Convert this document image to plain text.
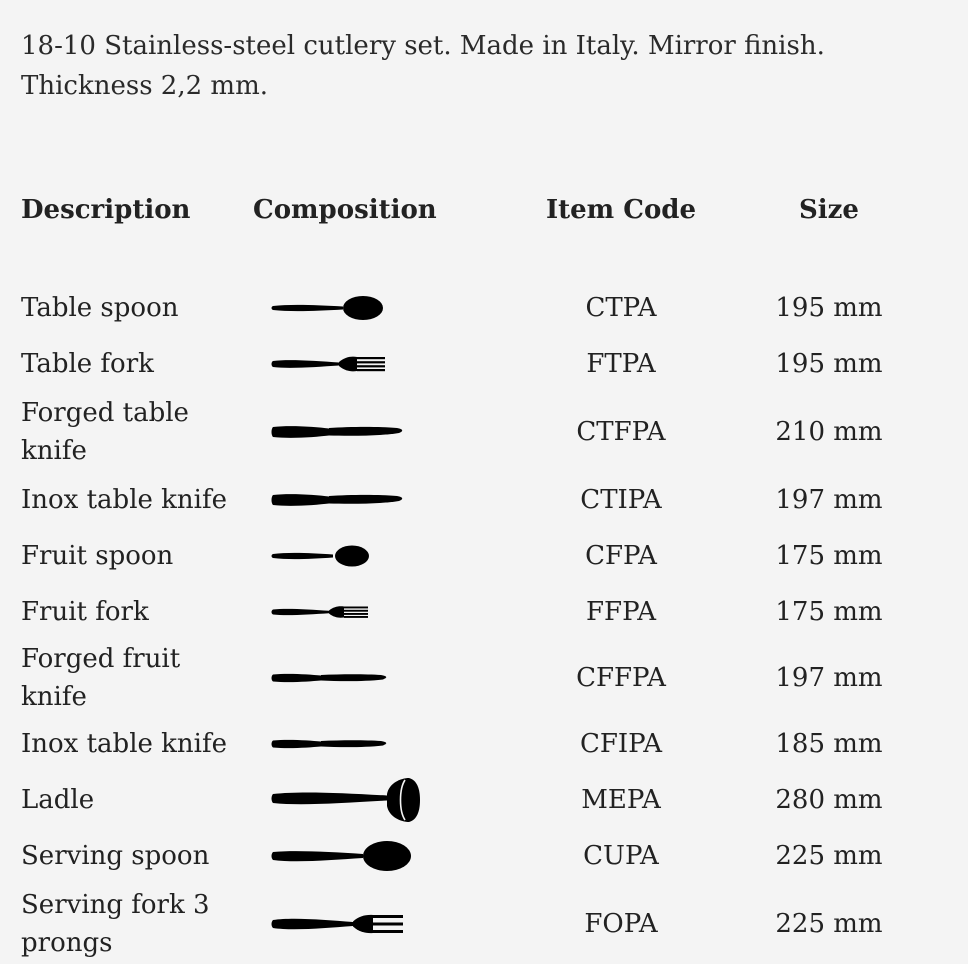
18-10 Stainless-steel cutlery set. Made in Italy. Mirror finish. Thickness 2,2 mm.

Description	Composition	Item Code	Size

Table spoon		CTPA	195 mm
Table fork		FTPA	195 mm
Forged table knife		CTFPA	210 mm
Inox table knife		CTIPA	197 mm
Fruit spoon		CFPA	175 mm
Fruit fork		FFPA	175 mm
Forged fruit knife		CFFPA	197 mm
Inox table knife		CFIPA	185 mm
Ladle		MEPA	280 mm
Serving spoon		CUPA	225 mm
Serving fork 3 prongs		FOPA	225 mm
